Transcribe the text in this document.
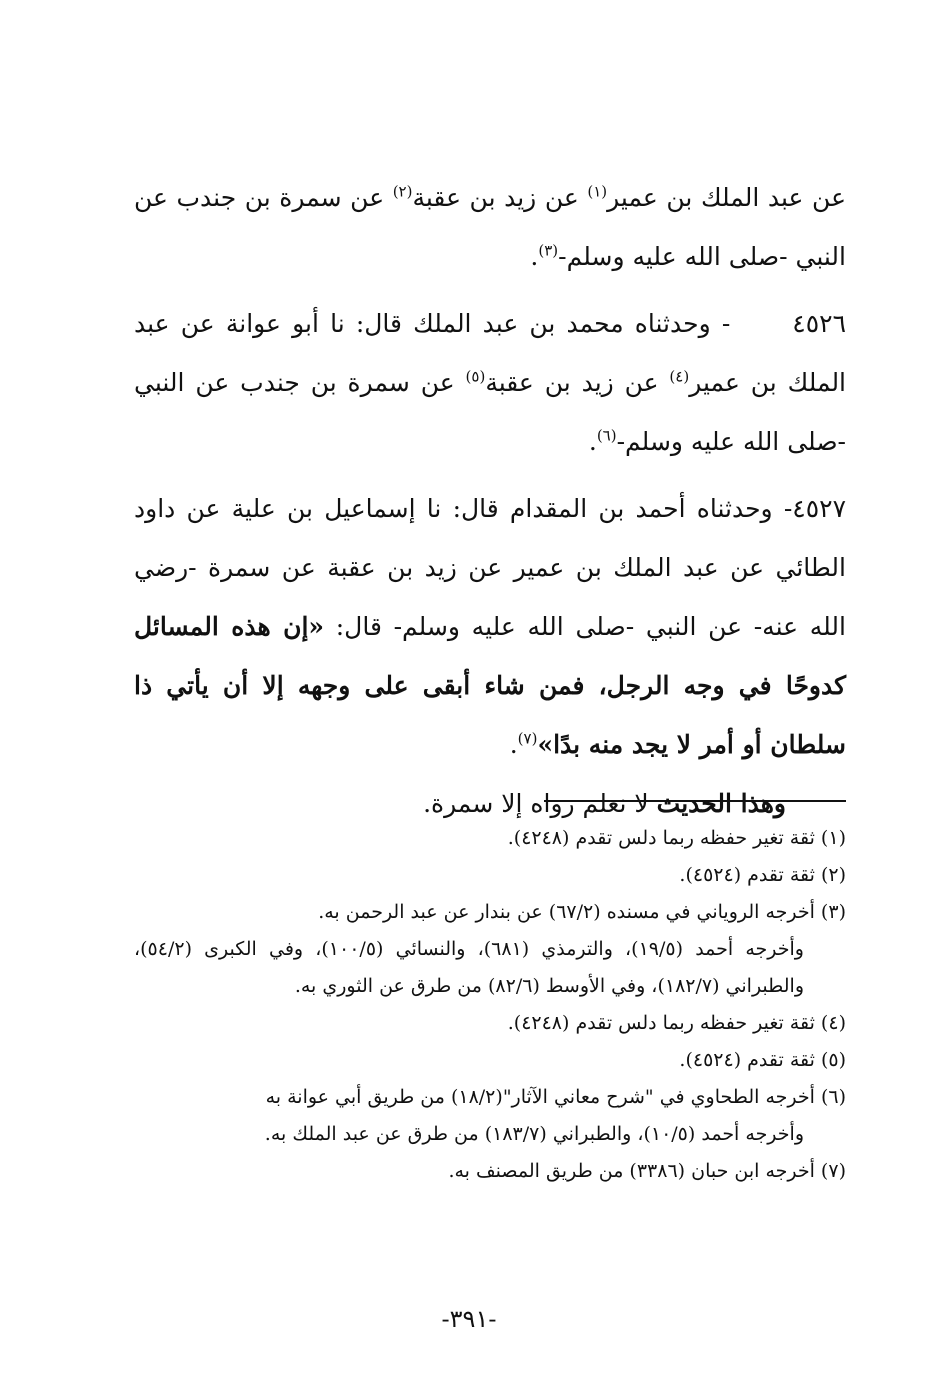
عن عبد الملك بن عمير$^{(١)}$ عن زيد بن عقبة$^{(٢)}$ عن سمرة بن جندب عن النبي -صلى الله عليه وسلم-$^{(٣)}$.

٤٥٢٦- وحدثناه محمد بن عبد الملك قال: نا أبو عوانة عن عبد الملك بن عمير$^{(٤)}$ عن زيد بن عقبة$^{(٥)}$ عن سمرة بن جندب عن النبي -صلى الله عليه وسلم-$^{(٦)}$.

٤٥٢٧- وحدثناه أحمد بن المقدام قال: نا إسماعيل بن علية عن داود الطائي عن عبد الملك بن عمير عن زيد بن عقبة عن سمرة -رضي الله عنه- عن النبي -صلى الله عليه وسلم- قال: «إن هذه المسائل كدوحًا في وجه الرجل، فمن شاء أبقى على وجهه إلا أن يأتي ذا سلطان أو أمر لا يجد منه بدًا»$^{(٧)}$.

وهذا الحديث لا نعلم رواه إلا سمرة.

(١) ثقة تغير حفظه ربما دلس تقدم (٤٢٤٨).

(٢) ثقة تقدم (٤٥٢٤).

(٣) أخرجه الروياني في مسنده (٦٧/٢) عن بندار عن عبد الرحمن به.

وأخرجه أحمد (١٩/٥)، والترمذي (٦٨١)، والنسائي (١٠٠/٥)، وفي الكبرى (٥٤/٢)، والطبراني (١٨٢/٧)، وفي الأوسط (٨٢/٦) من طرق عن الثوري به.

(٤) ثقة تغير حفظه ربما دلس تقدم (٤٢٤٨).

(٥) ثقة تقدم (٤٥٢٤).

(٦) أخرجه الطحاوي في "شرح معاني الآثار"(١٨/٢) من طريق أبي عوانة به

وأخرجه أحمد (١٠/٥)، والطبراني (١٨٣/٧) من طرق عن عبد الملك به.

(٧) أخرجه ابن حبان (٣٣٨٦) من طريق المصنف به.

-٣٩١-
